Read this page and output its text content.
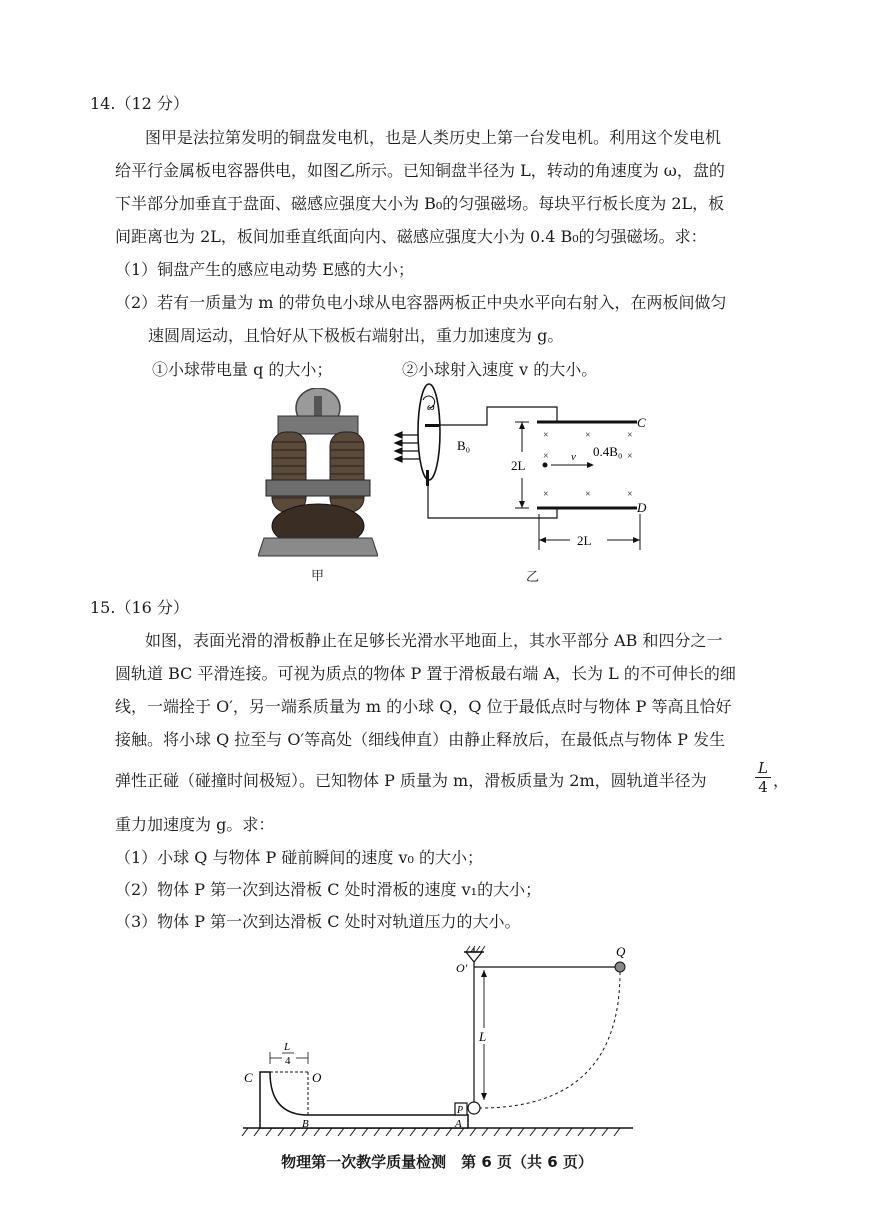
14.（12 分）
图甲是法拉第发明的铜盘发电机，也是人类历史上第一台发电机。利用这个发电机
给平行金属板电容器供电，如图乙所示。已知铜盘半径为 L，转动的角速度为 ω，盘的
下半部分加垂直于盘面、磁感应强度大小为 B₀的匀强磁场。每块平行板长度为 2L，板
间距离也为 2L，板间加垂直纸面向内、磁感应强度大小为 0.4 B₀的匀强磁场。求：
（1）铜盘产生的感应电动势 E感的大小；
（2）若有一质量为 m 的带负电小球从电容器两板正中央水平向右射入，在两板间做匀
速圆周运动，且恰好从下极板右端射出，重力加速度为 g。
①小球带电量 q 的大小；	②小球射入速度 v 的大小。
甲
ω
C
D
B₀
×	×	×
×	×
×	×	×
0.4B₀
v
2L
2L
乙
15.（16 分）
如图，表面光滑的滑板静止在足够长光滑水平地面上，其水平部分 AB 和四分之一
圆轨道 BC 平滑连接。可视为质点的物体 P 置于滑板最右端 A，长为 L 的不可伸长的细
线，一端拴于 O′，另一端系质量为 m 的小球 Q，Q 位于最低点时与物体 P 等高且恰好
接触。将小球 Q 拉至与 O′等高处（细线伸直）由静止释放后，在最低点与物体 P 发生
弹性正碰（碰撞时间极短）。已知物体 P 质量为 m，滑板质量为 2m，圆轨道半径为	$\frac{L}{4}$ ，
重力加速度为 g。求：
（1）小球 Q 与物体 P 碰前瞬间的速度 v₀ 的大小；
（2）物体 P 第一次到达滑板 C 处时滑板的速度 v₁的大小；
（3）物体 P 第一次到达滑板 C 处时对轨道压力的大小。
C	O
B	A
L
4
P
O′
Q
L
物理第一次教学质量检测　第 6 页（共 6 页）
